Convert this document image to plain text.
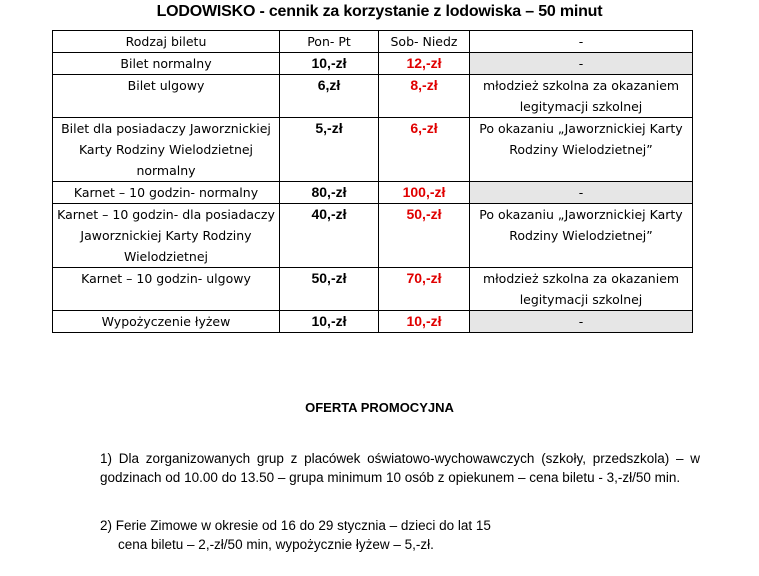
LODOWISKO - cennik za korzystanie z lodowiska – 50 minut
Rodzaj biletu	Pon- Pt	Sob- Niedz	-
Bilet normalny	10,-zł	12,-zł	-
Bilet ulgowy	6,zł	8,-zł	młodzież szkolna za okazaniem legitymacji szkolnej
Bilet dla posiadaczy Jaworznickiej Karty Rodziny Wielodzietnej normalny	5,-zł	6,-zł	Po okazaniu „Jaworznickiej Karty Rodziny Wielodzietnej”
Karnet – 10 godzin- normalny	80,-zł	100,-zł	-
Karnet – 10 godzin- dla posiadaczy Jaworznickiej Karty Rodziny Wielodzietnej	40,-zł	50,-zł	Po okazaniu „Jaworznickiej Karty Rodziny Wielodzietnej”
Karnet – 10 godzin- ulgowy	50,-zł	70,-zł	młodzież szkolna za okazaniem legitymacji szkolnej
Wypożyczenie łyżew	10,-zł	10,-zł	-
OFERTA PROMOCYJNA
1) Dla zorganizowanych grup z placówek oświatowo-wychowawczych (szkoły, przedszkola) – w godzinach od 10.00 do 13.50 – grupa minimum 10 osób z opiekunem – cena biletu - 3,-zł/50 min.
2) Ferie Zimowe w okresie od 16 do 29 stycznia – dzieci do lat 15
cena biletu – 2,-zł/50 min, wypożycznie łyżew – 5,-zł.
